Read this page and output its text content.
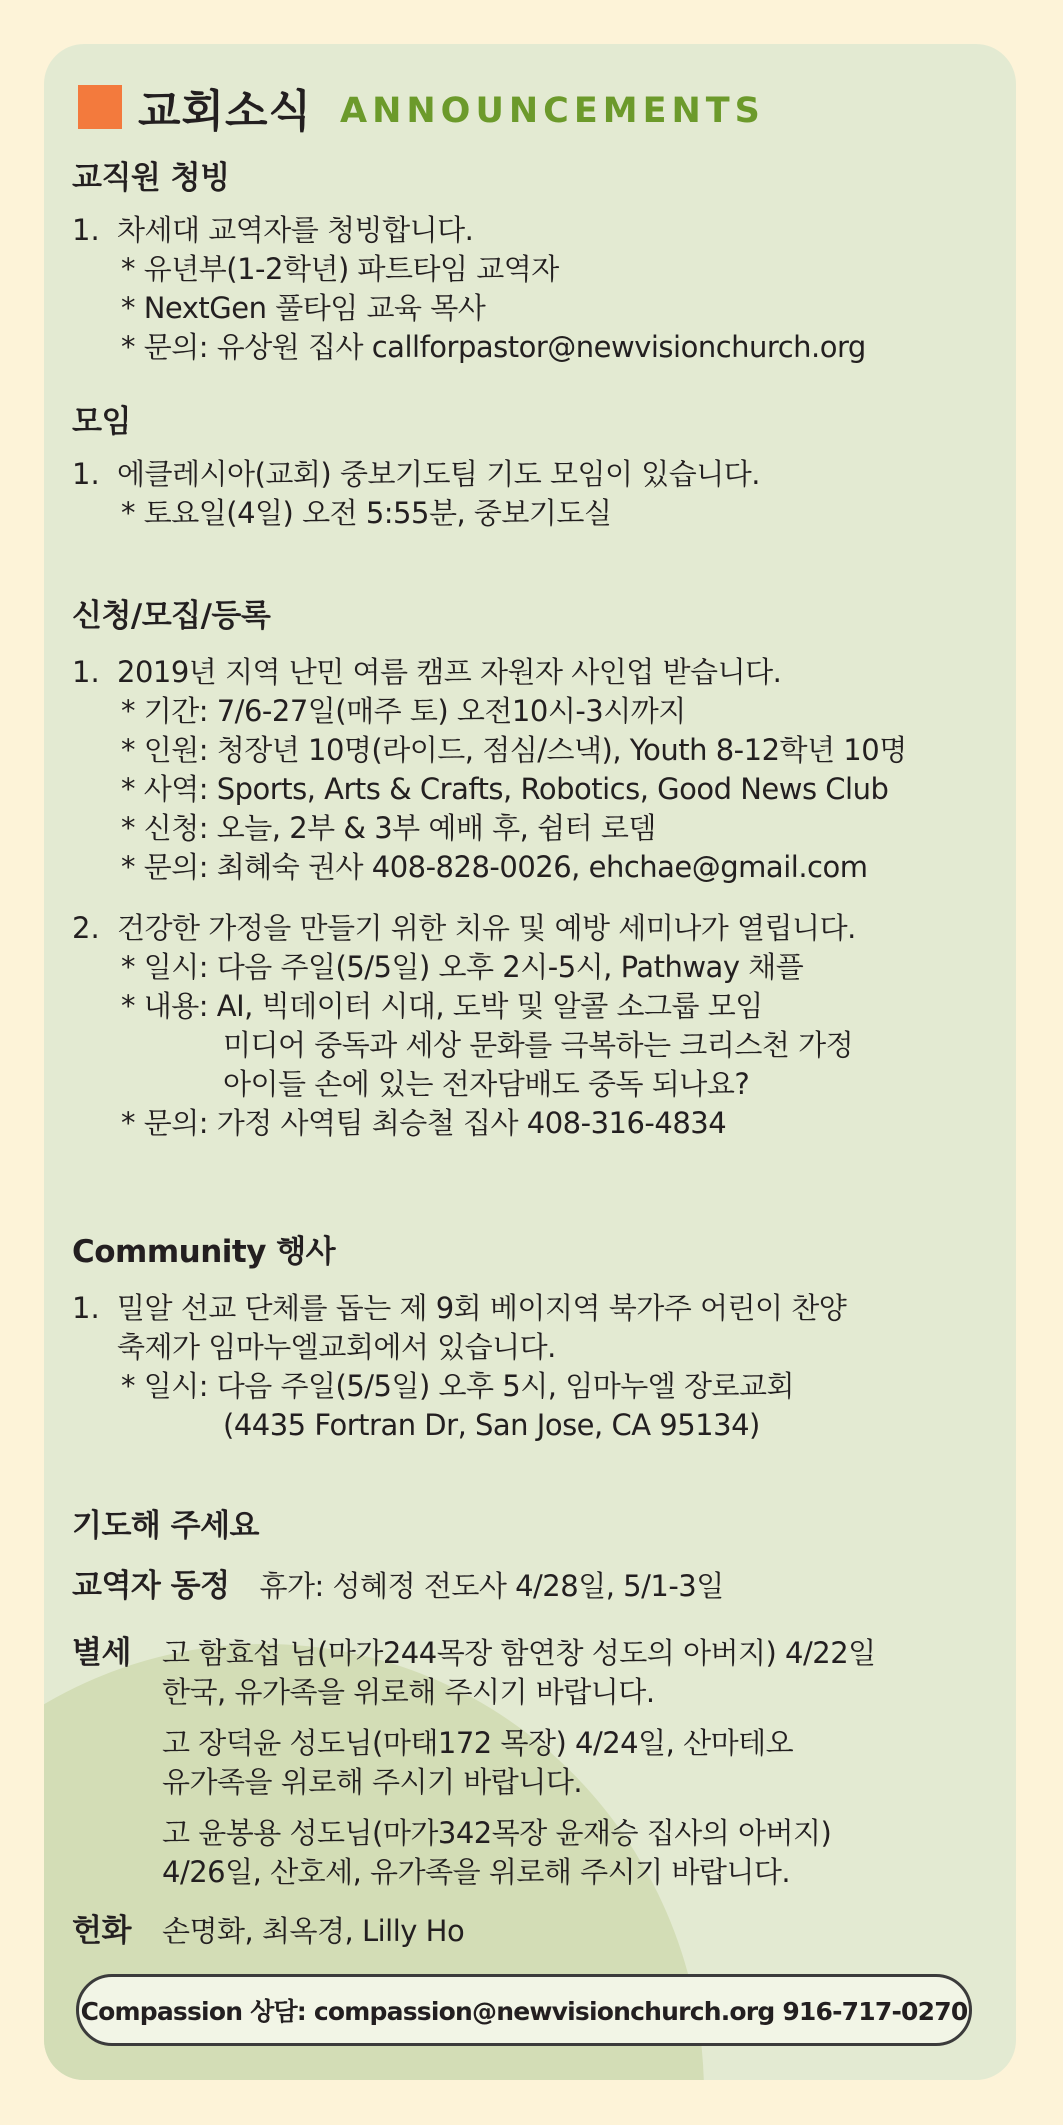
교회소식 ANNOUNCEMENTS
교직원 청빙
1. 차세대 교역자를 청빙합니다.
* 유년부(1-2학년) 파트타임 교역자
* NextGen 풀타임 교육 목사
* 문의: 유상원 집사 callforpastor@newvisionchurch.org
모임
1. 에클레시아(교회) 중보기도팀 기도 모임이 있습니다.
* 토요일(4일) 오전 5:55분, 중보기도실
신청/모집/등록
1. 2019년 지역 난민 여름 캠프 자원자 사인업 받습니다.
* 기간: 7/6-27일(매주 토) 오전10시-3시까지
* 인원: 청장년 10명(라이드, 점심/스낵), Youth 8-12학년 10명
* 사역: Sports, Arts & Crafts, Robotics, Good News Club
* 신청: 오늘, 2부 & 3부 예배 후, 쉼터 로뎀
* 문의: 최혜숙 권사 408-828-0026, ehchae@gmail.com
2. 건강한 가정을 만들기 위한 치유 및 예방 세미나가 열립니다.
* 일시: 다음 주일(5/5일) 오후 2시-5시, Pathway 채플
* 내용: AI, 빅데이터 시대, 도박 및 알콜 소그룹 모임
미디어 중독과 세상 문화를 극복하는 크리스천 가정
아이들 손에 있는 전자담배도 중독 되나요?
* 문의: 가정 사역팀 최승철 집사 408-316-4834
Community 행사
1. 밀알 선교 단체를 돕는 제 9회 베이지역 북가주 어린이 찬양
축제가 임마누엘교회에서 있습니다.
* 일시: 다음 주일(5/5일) 오후 5시, 임마누엘 장로교회
(4435 Fortran Dr, San Jose, CA 95134)
기도해 주세요
교역자 동정 휴가: 성혜정 전도사 4/28일, 5/1-3일
별세	고 함효섭 님(마가244목장 함연창 성도의 아버지) 4/22일
한국, 유가족을 위로해 주시기 바랍니다.
고 장덕윤 성도님(마태172 목장) 4/24일, 산마테오
유가족을 위로해 주시기 바랍니다.
고 윤봉용 성도님(마가342목장 윤재승 집사의 아버지)
4/26일, 산호세, 유가족을 위로해 주시기 바랍니다.
헌화	손명화, 최옥경, Lilly Ho
Compassion 상담: compassion@newvisionchurch.org 916-717-0270
